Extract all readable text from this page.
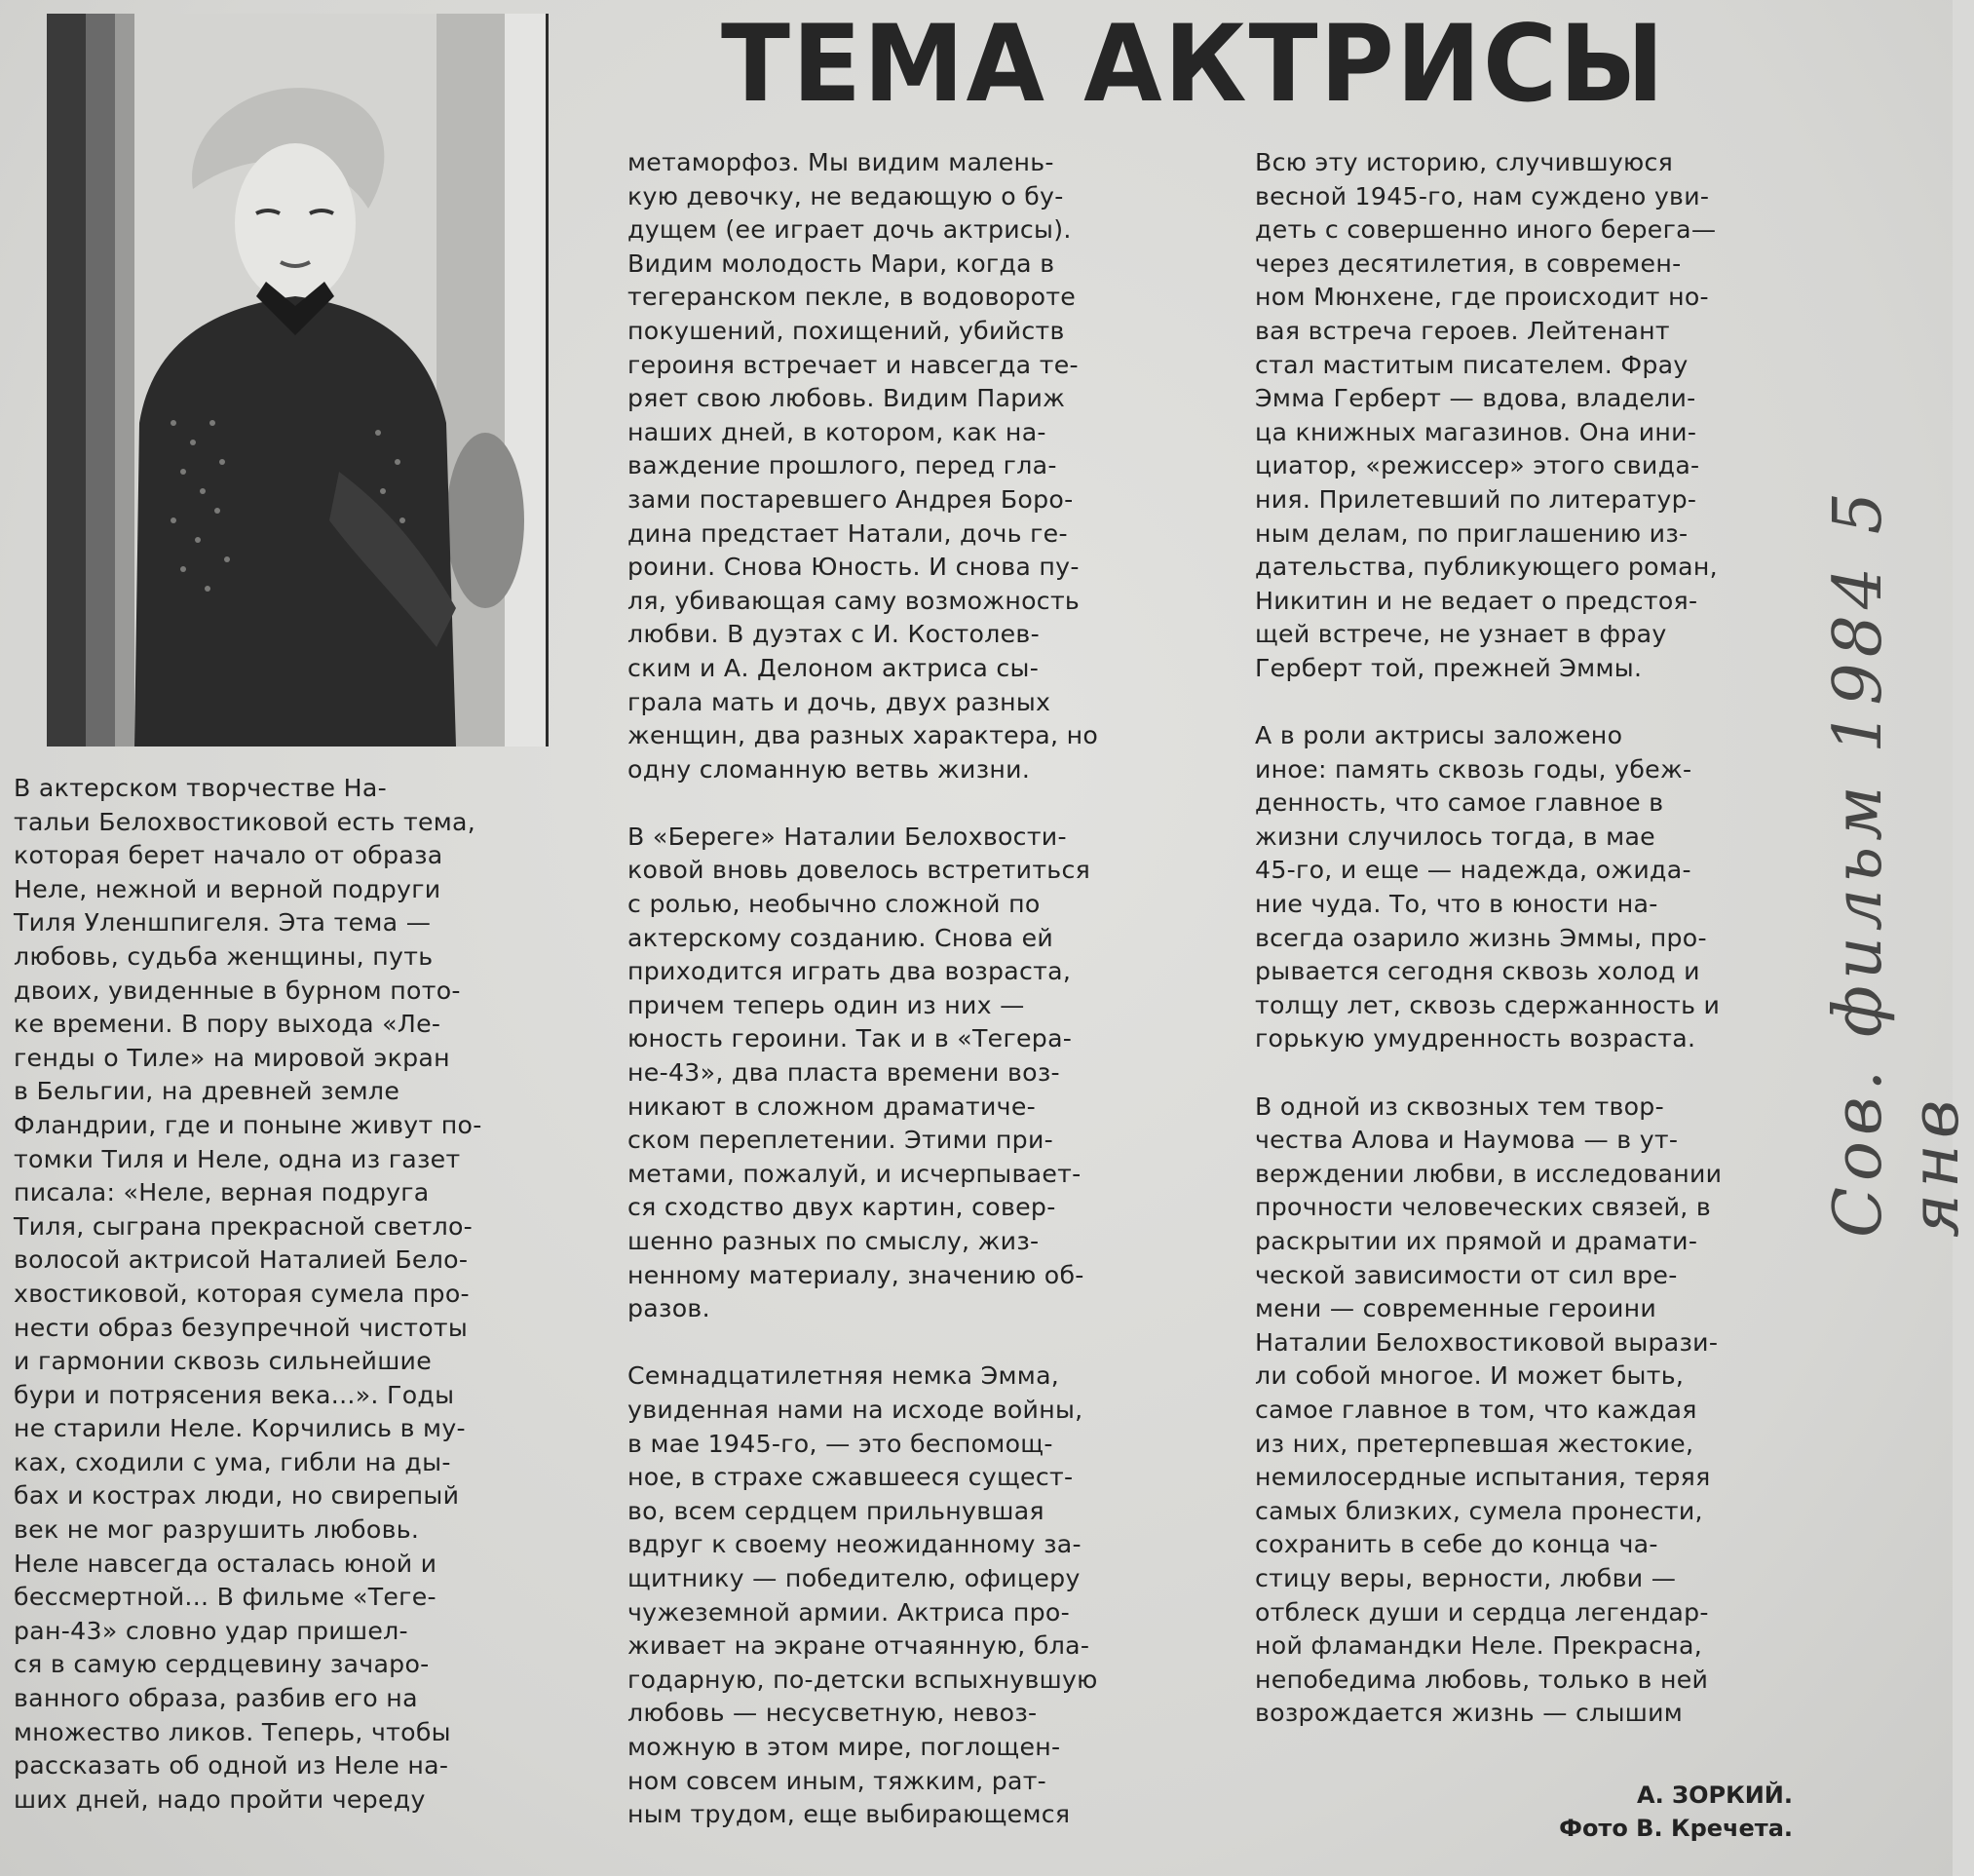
ТЕМА АКТРИСЫ
В актерском творчестве На-
тальи Белохвостиковой есть тема,
которая берет начало от образа
Неле, нежной и верной подруги
Тиля Уленшпигеля. Эта тема —
любовь, судьба женщины, путь
двоих, увиденные в бурном пото-
ке времени. В пору выхода «Ле-
генды о Тиле» на мировой экран
в Бельгии, на древней земле
Фландрии, где и поныне живут по-
томки Тиля и Неле, одна из газет
писала: «Неле, верная подруга
Тиля, сыграна прекрасной светло-
волосой актрисой Наталией Бело-
хвостиковой, которая сумела про-
нести образ безупречной чистоты
и гармонии сквозь сильнейшие
бури и потрясения века...». Годы
не старили Неле. Корчились в му-
ках, сходили с ума, гибли на ды-
бах и кострах люди, но свирепый
век не мог разрушить любовь.
Неле навсегда осталась юной и
бессмертной... В фильме «Теге-
ран-43» словно удар пришел-
ся в самую сердцевину зачаро-
ванного образа, разбив его на
множество ликов. Теперь, чтобы
рассказать об одной из Неле на-
ших дней, надо пройти череду
метаморфоз. Мы видим малень-
кую девочку, не ведающую о бу-
дущем (ее играет дочь актрисы).
Видим молодость Мари, когда в
тегеранском пекле, в водовороте
покушений, похищений, убийств
героиня встречает и навсегда те-
ряет свою любовь. Видим Париж
наших дней, в котором, как на-
важдение прошлого, перед гла-
зами постаревшего Андрея Боро-
дина предстает Натали, дочь ге-
роини. Снова Юность. И снова пу-
ля, убивающая саму возможность
любви. В дуэтах с И. Костолев-
ским и А. Делоном актриса сы-
грала мать и дочь, двух разных
женщин, два разных характера, но
одну сломанную ветвь жизни.
В «Береге» Наталии Белохвости-
ковой вновь довелось встретиться
с ролью, необычно сложной по
актерскому созданию. Снова ей
приходится играть два возраста,
причем теперь один из них —
юность героини. Так и в «Тегера-
не-43», два пласта времени воз-
никают в сложном драматиче-
ском переплетении. Этими при-
метами, пожалуй, и исчерпывает-
ся сходство двух картин, совер-
шенно разных по смыслу, жиз-
ненному материалу, значению об-
разов.
Семнадцатилетняя немка Эмма,
увиденная нами на исходе войны,
в мае 1945-го, — это беспомощ-
ное, в страхе сжавшееся сущест-
во, всем сердцем прильнувшая
вдруг к своему неожиданному за-
щитнику — победителю, офицеру
чужеземной армии. Актриса про-
живает на экране отчаянную, бла-
годарную, по-детски вспыхнувшую
любовь — несусветную, невоз-
можную в этом мире, поглощен-
ном совсем иным, тяжким, рат-
ным трудом, еще выбирающемся
Всю эту историю, случившуюся
весной 1945-го, нам суждено уви-
деть с совершенно иного берега—
через десятилетия, в современ-
ном Мюнхене, где происходит но-
вая встреча героев. Лейтенант
стал маститым писателем. Фрау
Эмма Герберт — вдова, владели-
ца книжных магазинов. Она ини-
циатор, «режиссер» этого свида-
ния. Прилетевший по литератур-
ным делам, по приглашению из-
дательства, публикующего роман,
Никитин и не ведает о предстоя-
щей встрече, не узнает в фрау
Герберт той, прежней Эммы.
А в роли актрисы заложено
иное: память сквозь годы, убеж-
денность, что самое главное в
жизни случилось тогда, в мае
45-го, и еще — надежда, ожида-
ние чуда. То, что в юности на-
всегда озарило жизнь Эммы, про-
рывается сегодня сквозь холод и
толщу лет, сквозь сдержанность и
горькую умудренность возраста.
В одной из сквозных тем твор-
чества Алова и Наумова — в ут-
верждении любви, в исследовании
прочности человеческих связей, в
раскрытии их прямой и драмати-
ческой зависимости от сил вре-
мени — современные героини
Наталии Белохвостиковой вырази-
ли собой многое. И может быть,
самое главное в том, что каждая
из них, претерпевшая жестокие,
немилосердные испытания, теряя
самых близких, сумела пронести,
сохранить в себе до конца ча-
стицу веры, верности, любви —
отблеск души и сердца легендар-
ной фламандки Неле. Прекрасна,
непобедима любовь, только в ней
возрождается жизнь — слышим
А. ЗОРКИЙ.
Фото В. Кречета.
Сов. фильм 1984 5 янв
